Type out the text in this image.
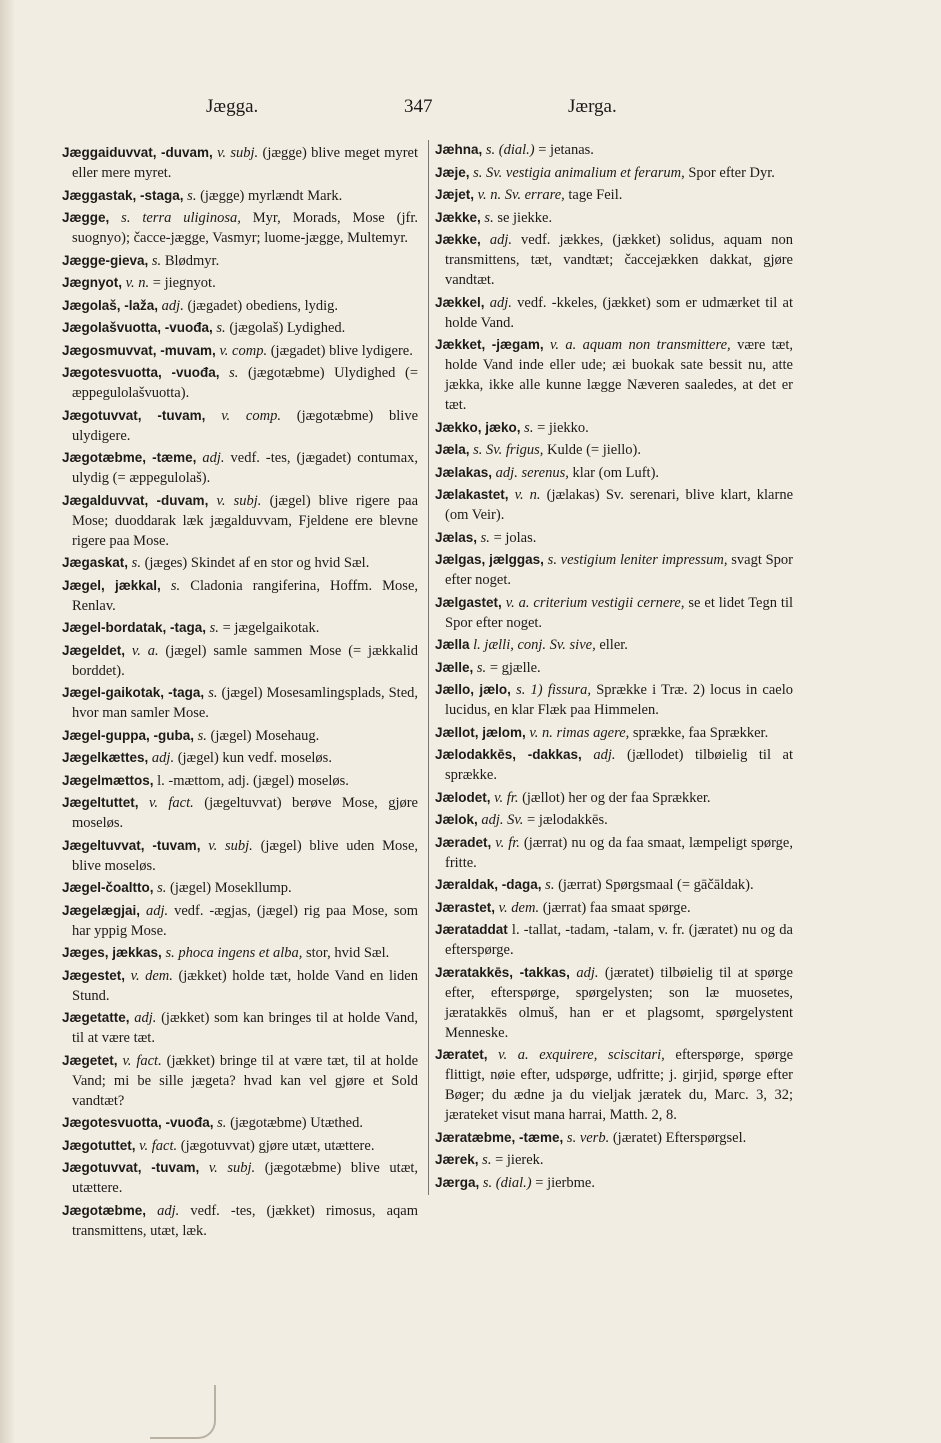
Jægga.	347	Jærga.

Jæggaiduvvat, -duvam, v. subj. (jægge) blive meget myret eller mere myret.

Jæggastak, -staga, s. (jægge) myrlændt Mark.

Jægge, s. terra uliginosa, Myr, Morads, Mose (jfr. suognyo); čacce-jægge, Vasmyr; luome-jægge, Multemyr.

Jægge-gieva, s. Blødmyr.

Jægnyot, v. n. = jiegnyot.

Jægolaš, -laža, adj. (jægadet) obediens, lydig.

Jægolašvuotta, -vuođa, s. (jægolaš) Lydighed.

Jægosmuvvat, -muvam, v. comp. (jægadet) blive lydigere.

Jægotesvuotta, -vuođa, s. (jægotæbme) Ulydighed (= æppegulolašvuotta).

Jægotuvvat, -tuvam, v. comp. (jægotæbme) blive ulydigere.

Jægotæbme, -tæme, adj. vedf. -tes, (jægadet) contumax, ulydig (= æppegulolaš).

Jægalduvvat, -duvam, v. subj. (jægel) blive rigere paa Mose; duoddarak læk jægalduvvam, Fjeldene ere blevne rigere paa Mose.

Jægaskat, s. (jæges) Skindet af en stor og hvid Sæl.

Jægel, jækkal, s. Cladonia rangiferina, Hoffm. Mose, Renlav.

Jægel-bordatak, -taga, s. = jægelgaikotak.

Jægeldet, v. a. (jægel) samle sammen Mose (= jækkalid borddet).

Jægel-gaikotak, -taga, s. (jægel) Mosesamlingsplads, Sted, hvor man samler Mose.

Jægel-guppa, -guba, s. (jægel) Mosehaug.

Jægelkættes, adj. (jægel) kun vedf. moseløs.

Jægelmættos, l. -mættom, adj. (jægel) moseløs.

Jægeltuttet, v. fact. (jægeltuvvat) berøve Mose, gjøre moseløs.

Jægeltuvvat, -tuvam, v. subj. (jægel) blive uden Mose, blive moseløs.

Jægel-čoaltto, s. (jægel) Mosekllump.

Jægelægjai, adj. vedf. -ægjas, (jægel) rig paa Mose, som har yppig Mose.

Jæges, jækkas, s. phoca ingens et alba, stor, hvid Sæl.

Jægestet, v. dem. (jækket) holde tæt, holde Vand en liden Stund.

Jægetatte, adj. (jækket) som kan bringes til at holde Vand, til at være tæt.

Jægetet, v. fact. (jækket) bringe til at være tæt, til at holde Vand; mi be sille jægeta? hvad kan vel gjøre et Sold vandtæt?

Jægotesvuotta, -vuođa, s. (jægotæbme) Utæthed.

Jægotuttet, v. fact. (jægotuvvat) gjøre utæt, utættere.

Jægotuvvat, -tuvam, v. subj. (jægotæbme) blive utæt, utættere.

Jægotæbme, adj. vedf. -tes, (jækket) rimosus, aqam transmittens, utæt, læk.

Jæhna, s. (dial.) = jetanas.

Jæje, s. Sv. vestigia animalium et ferarum, Spor efter Dyr.

Jæjet, v. n. Sv. errare, tage Feil.

Jække, s. se jiekke.

Jække, adj. vedf. jækkes, (jækket) solidus, aquam non transmittens, tæt, vandtæt; čaccejækken dakkat, gjøre vandtæt.

Jækkel, adj. vedf. -kkeles, (jækket) som er udmærket til at holde Vand.

Jækket, -jægam, v. a. aquam non transmittere, være tæt, holde Vand inde eller ude; æi buokak sate bessit nu, atte jækka, ikke alle kunne lægge Næveren saaledes, at det er tæt.

Jækko, jæko, s. = jiekko.

Jæla, s. Sv. frigus, Kulde (= jiello).

Jælakas, adj. serenus, klar (om Luft).

Jælakastet, v. n. (jælakas) Sv. serenari, blive klart, klarne (om Veir).

Jælas, s. = jolas.

Jælgas, jælggas, s. vestigium leniter impressum, svagt Spor efter noget.

Jælgastet, v. a. criterium vestigii cernere, se et lidet Tegn til Spor efter noget.

Jælla l. jælli, conj. Sv. sive, eller.

Jælle, s. = gjælle.

Jællo, jælo, s. 1) fissura, Sprække i Træ. 2) locus in caelo lucidus, en klar Flæk paa Himmelen.

Jællot, jælom, v. n. rimas agere, sprække, faa Sprækker.

Jælodakkēs, -dakkas, adj. (jællodet) tilbøielig til at sprække.

Jælodet, v. fr. (jællot) her og der faa Sprækker.

Jælok, adj. Sv. = jælodakkēs.

Jæradet, v. fr. (jærrat) nu og da faa smaat, læmpeligt spørge, fritte.

Jæraldak, -daga, s. (jærrat) Spørgsmaal (= gāčāldak).

Jærastet, v. dem. (jærrat) faa smaat spørge.

Jærataddat l. -tallat, -tadam, -talam, v. fr. (jæratet) nu og da efterspørge.

Jæratakkēs, -takkas, adj. (jæratet) tilbøielig til at spørge efter, efterspørge, spørgelysten; son læ muosetes, jæratakkēs olmuš, han er et plagsomt, spørgelystent Menneske.

Jæratet, v. a. exquirere, sciscitari, efterspørge, spørge flittigt, nøie efter, udspørge, udfritte; j. girjid, spørge efter Bøger; du ædne ja du vieljak jæratek du, Marc. 3, 32; jærateket visut mana harrai, Matth. 2, 8.

Jæratæbme, -tæme, s. verb. (jæratet) Efterspørgsel.

Jærek, s. = jierek.

Jærga, s. (dial.) = jierbme.
